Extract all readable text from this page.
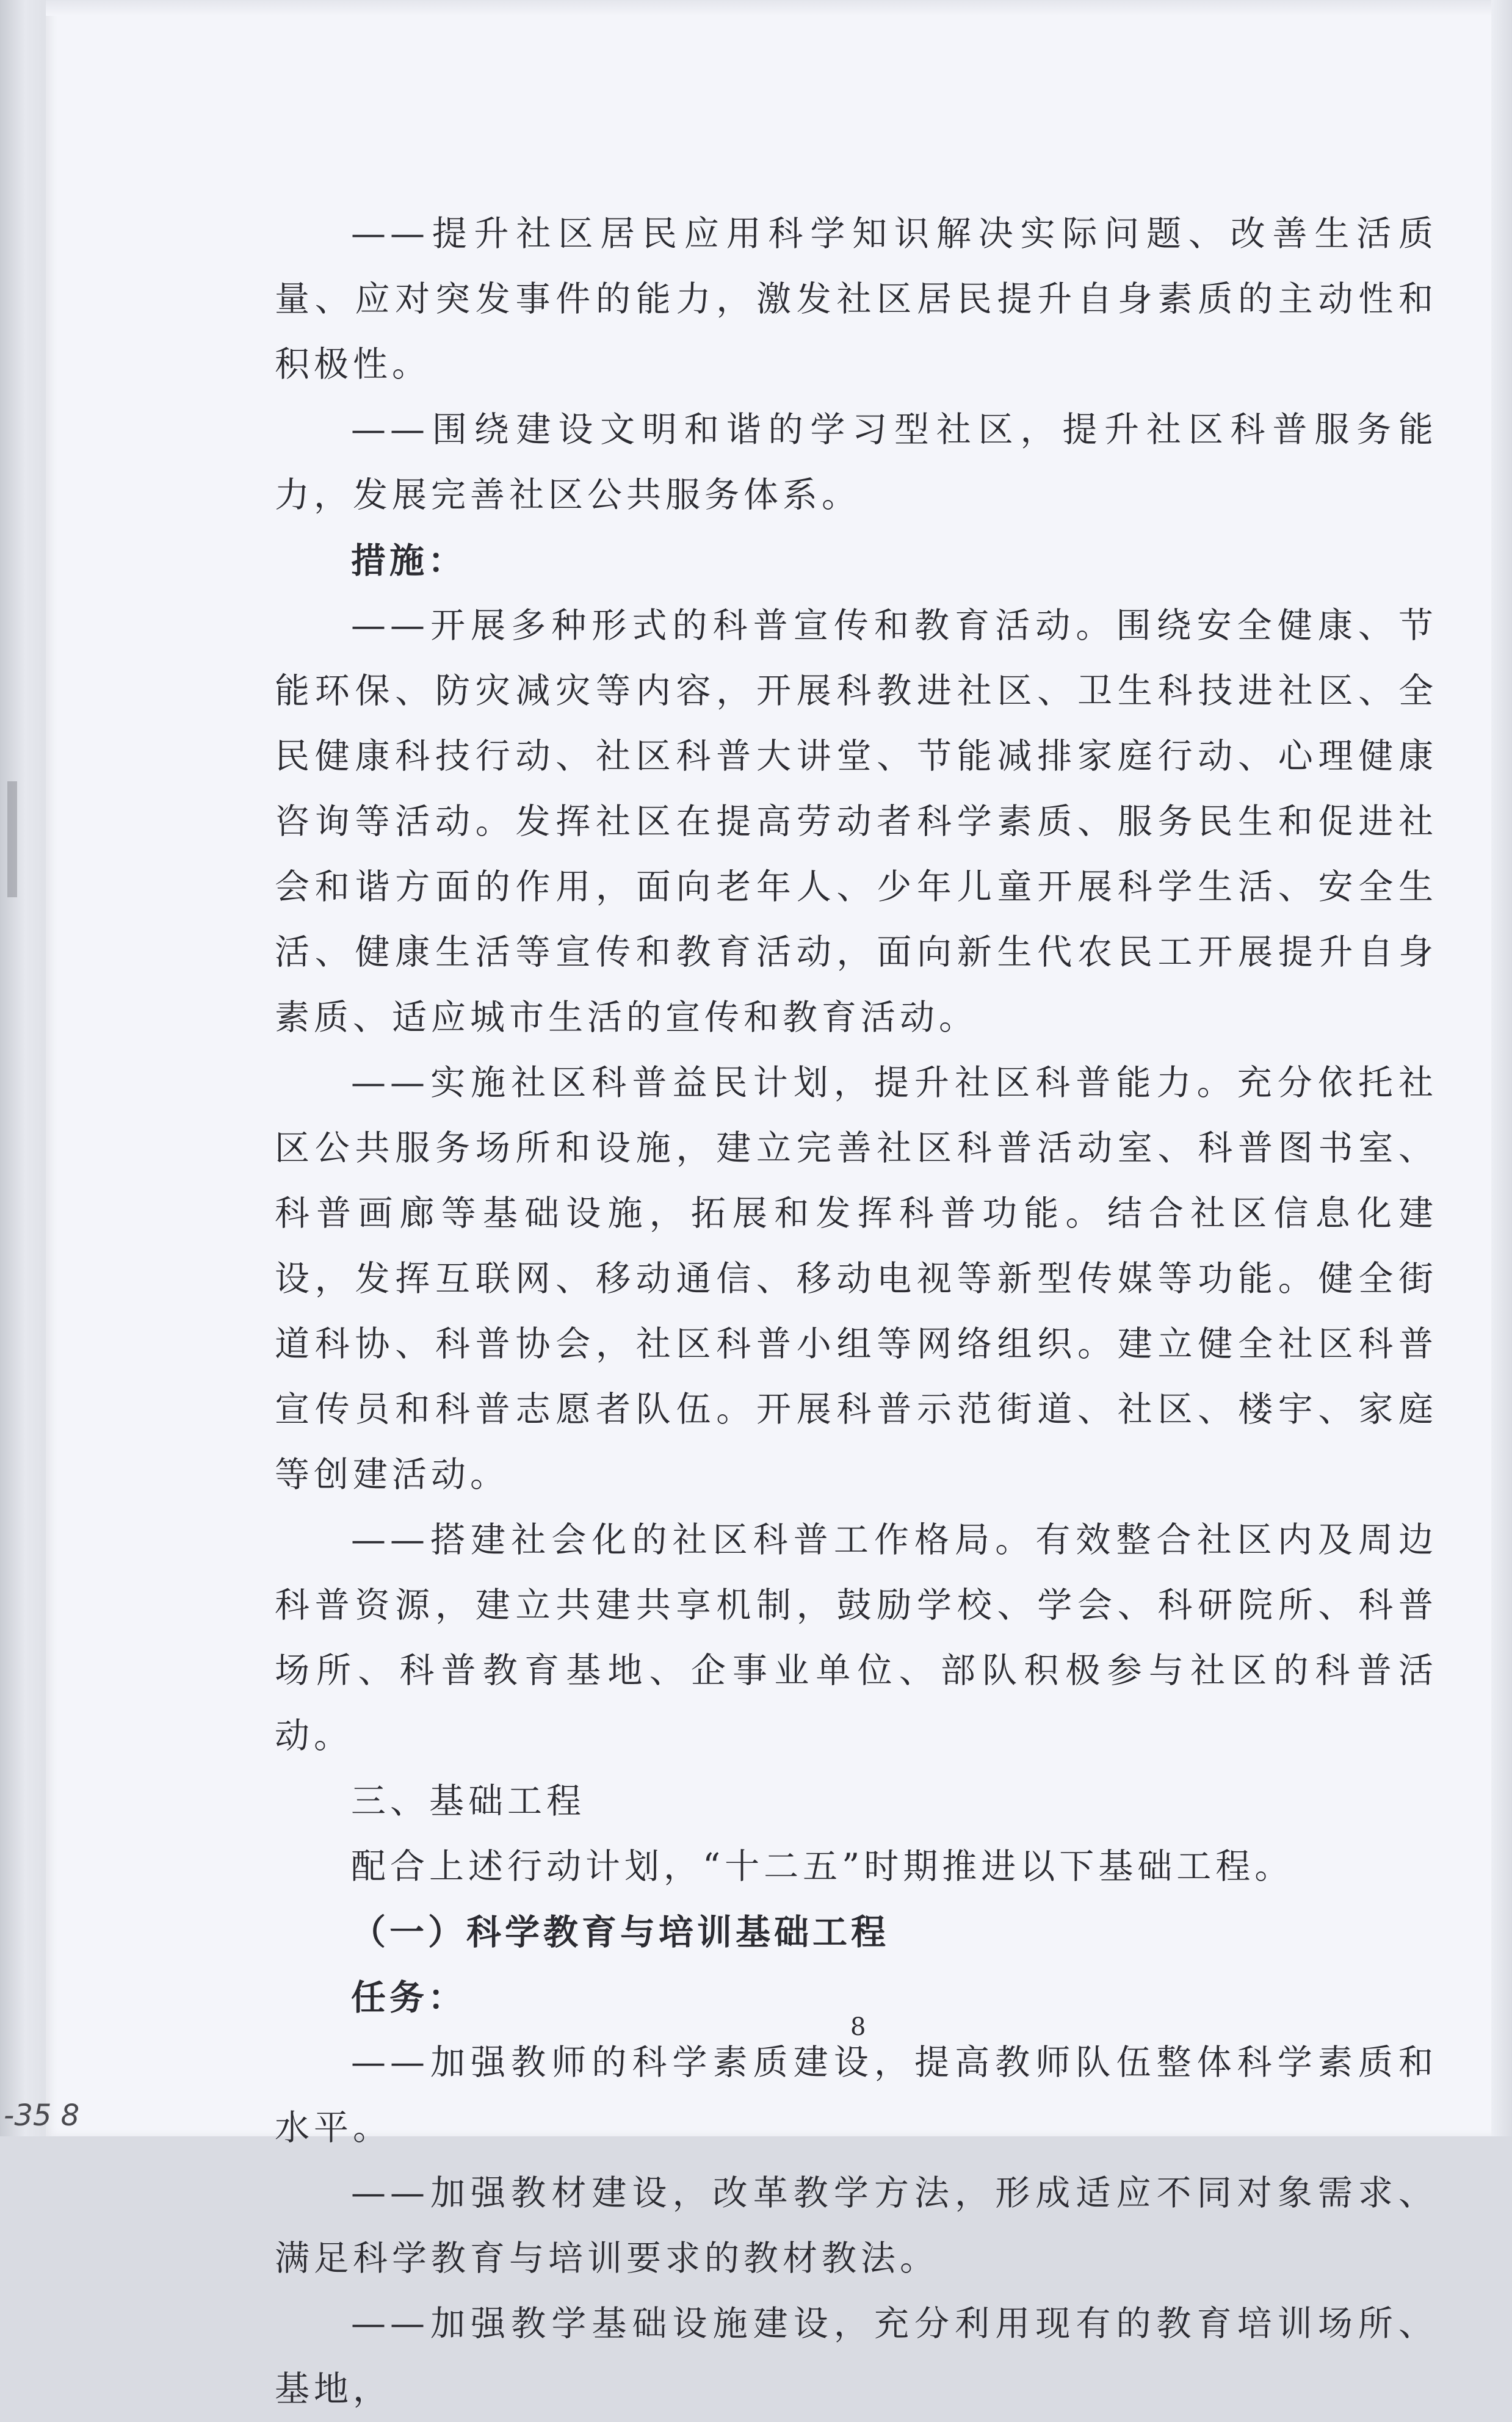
——提升社区居民应用科学知识解决实际问题、改善生活质量、应对突发事件的能力，激发社区居民提升自身素质的主动性和积极性。

——围绕建设文明和谐的学习型社区，提升社区科普服务能力，发展完善社区公共服务体系。

措施：

——开展多种形式的科普宣传和教育活动。围绕安全健康、节能环保、防灾减灾等内容，开展科教进社区、卫生科技进社区、全民健康科技行动、社区科普大讲堂、节能减排家庭行动、心理健康咨询等活动。发挥社区在提高劳动者科学素质、服务民生和促进社会和谐方面的作用，面向老年人、少年儿童开展科学生活、安全生活、健康生活等宣传和教育活动，面向新生代农民工开展提升自身素质、适应城市生活的宣传和教育活动。

——实施社区科普益民计划，提升社区科普能力。充分依托社区公共服务场所和设施，建立完善社区科普活动室、科普图书室、科普画廊等基础设施，拓展和发挥科普功能。结合社区信息化建设，发挥互联网、移动通信、移动电视等新型传媒等功能。健全街道科协、科普协会，社区科普小组等网络组织。建立健全社区科普宣传员和科普志愿者队伍。开展科普示范街道、社区、楼宇、家庭等创建活动。

——搭建社会化的社区科普工作格局。有效整合社区内及周边科普资源，建立共建共享机制，鼓励学校、学会、科研院所、科普场所、科普教育基地、企事业单位、部队积极参与社区的科普活动。

三、基础工程

配合上述行动计划，“十二五”时期推进以下基础工程。

（一）科学教育与培训基础工程

任务：

——加强教师的科学素质建设，提高教师队伍整体科学素质和水平。

——加强教材建设，改革教学方法，形成适应不同对象需求、满足科学教育与培训要求的教材教法。

——加强教学基础设施建设，充分利用现有的教育培训场所、基地，

8
-35 8
